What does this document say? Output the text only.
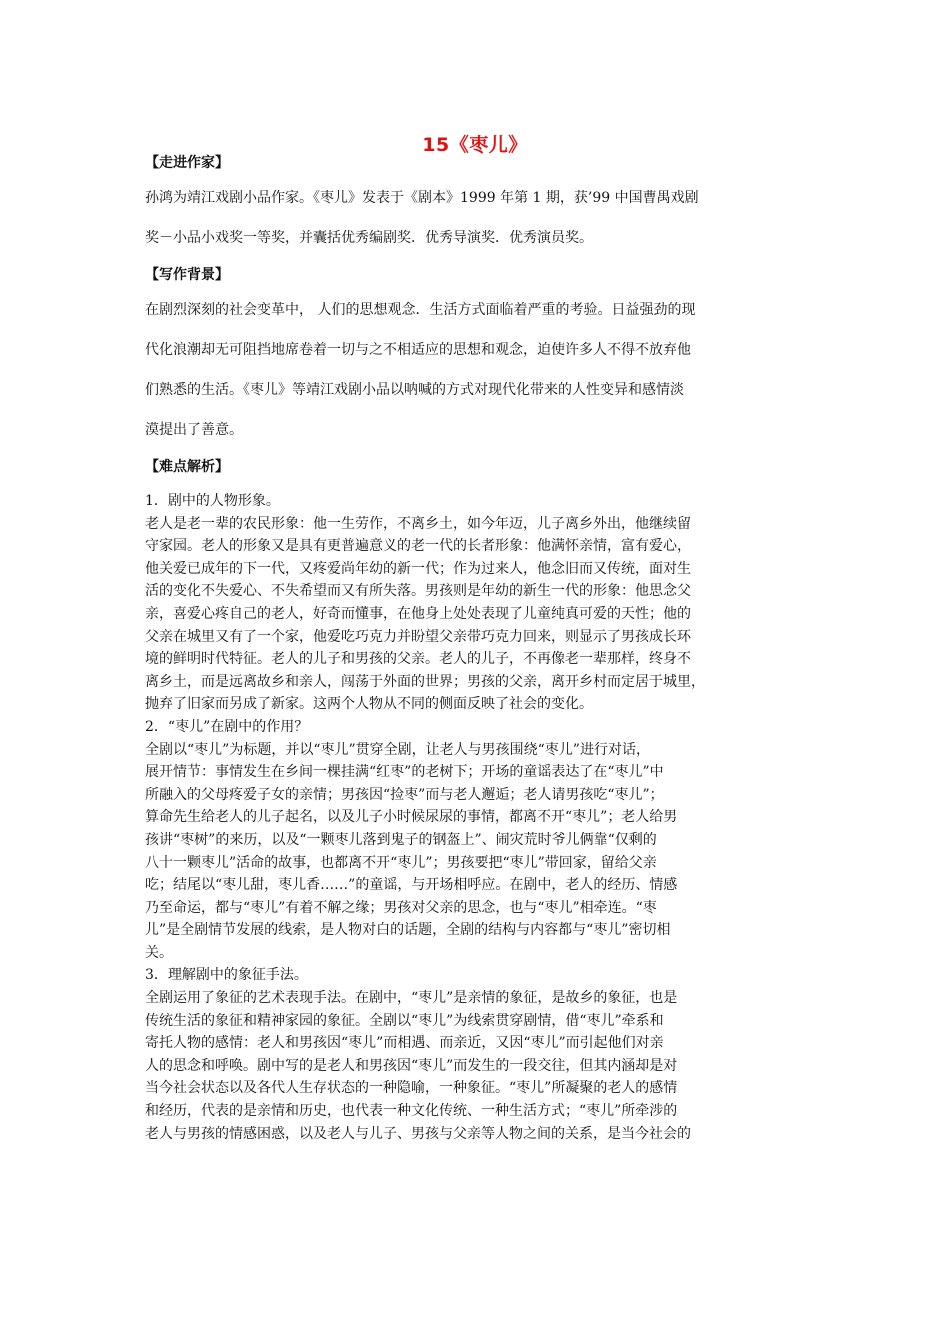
15《枣儿》
【走进作家】

孙鸿为靖江戏剧小品作家。《枣儿》发表于《剧本》1999 年第 1 期，获’99 中国曹禺戏剧

奖－小品小戏奖一等奖，并囊括优秀编剧奖．优秀导演奖．优秀演员奖。

【写作背景】

在剧烈深刻的社会变革中， 人们的思想观念．生活方式面临着严重的考验。日益强劲的现

代化浪潮却无可阻挡地席卷着一切与之不相适应的思想和观念，迫使许多人不得不放弃他

们熟悉的生活。《枣儿》等靖江戏剧小品以呐喊的方式对现代化带来的人性变异和感情淡

漠提出了善意。

【难点解析】

1．剧中的人物形象。

老人是老一辈的农民形象：他一生劳作，不离乡土，如今年迈，儿子离乡外出，他继续留

守家园。老人的形象又是具有更普遍意义的老一代的长者形象：他满怀亲情，富有爱心，

他关爱已成年的下一代，又疼爱尚年幼的新一代；作为过来人，他念旧而又传统，面对生

活的变化不失爱心、不失希望而又有所失落。男孩则是年幼的新生一代的形象：他思念父

亲，喜爱心疼自己的老人，好奇而懂事，在他身上处处表现了儿童纯真可爱的天性；他的

父亲在城里又有了一个家，他爱吃巧克力并盼望父亲带巧克力回来，则显示了男孩成长环

境的鲜明时代特征。老人的儿子和男孩的父亲。老人的儿子，不再像老一辈那样，终身不

离乡土，而是远离故乡和亲人，闯荡于外面的世界；男孩的父亲，离开乡村而定居于城里，

抛弃了旧家而另成了新家。这两个人物从不同的侧面反映了社会的变化。

2．“枣儿”在剧中的作用？

全剧以“枣儿”为标题，并以“枣儿”贯穿全剧，让老人与男孩围绕“枣儿”进行对话，

展开情节：事情发生在乡间一棵挂满“红枣”的老树下；开场的童谣表达了在“枣儿”中

所融入的父母疼爱子女的亲情；男孩因“捡枣”而与老人邂逅；老人请男孩吃“枣儿”；

算命先生给老人的儿子起名，以及儿子小时候尿尿的事情，都离不开“枣儿”；老人给男

孩讲“枣树”的来历，以及“一颗枣儿落到鬼子的钢盔上”、闹灾荒时爷儿俩靠“仅剩的

八十一颗枣儿”活命的故事，也都离不开“枣儿”；男孩要把“枣儿”带回家，留给父亲

吃；结尾以“枣儿甜，枣儿香……”的童谣，与开场相呼应。在剧中，老人的经历、情感

乃至命运，都与“枣儿”有着不解之缘；男孩对父亲的思念，也与“枣儿”相牵连。“枣

儿”是全剧情节发展的线索，是人物对白的话题，全剧的结构与内容都与“枣儿”密切相

关。

3．理解剧中的象征手法。

全剧运用了象征的艺术表现手法。在剧中，“枣儿”是亲情的象征，是故乡的象征，也是

传统生活的象征和精神家园的象征。全剧以“枣儿”为线索贯穿剧情，借“枣儿”牵系和

寄托人物的感情：老人和男孩因“枣儿”而相遇、而亲近，又因“枣儿”而引起他们对亲

人的思念和呼唤。剧中写的是老人和男孩因“枣儿”而发生的一段交往，但其内涵却是对

当今社会状态以及各代人生存状态的一种隐喻，一种象征。“枣儿”所凝聚的老人的感情

和经历，代表的是亲情和历史，也代表一种文化传统、一种生活方式；“枣儿”所牵涉的

老人与男孩的情感困惑，以及老人与儿子、男孩与父亲等人物之间的关系，是当今社会的
